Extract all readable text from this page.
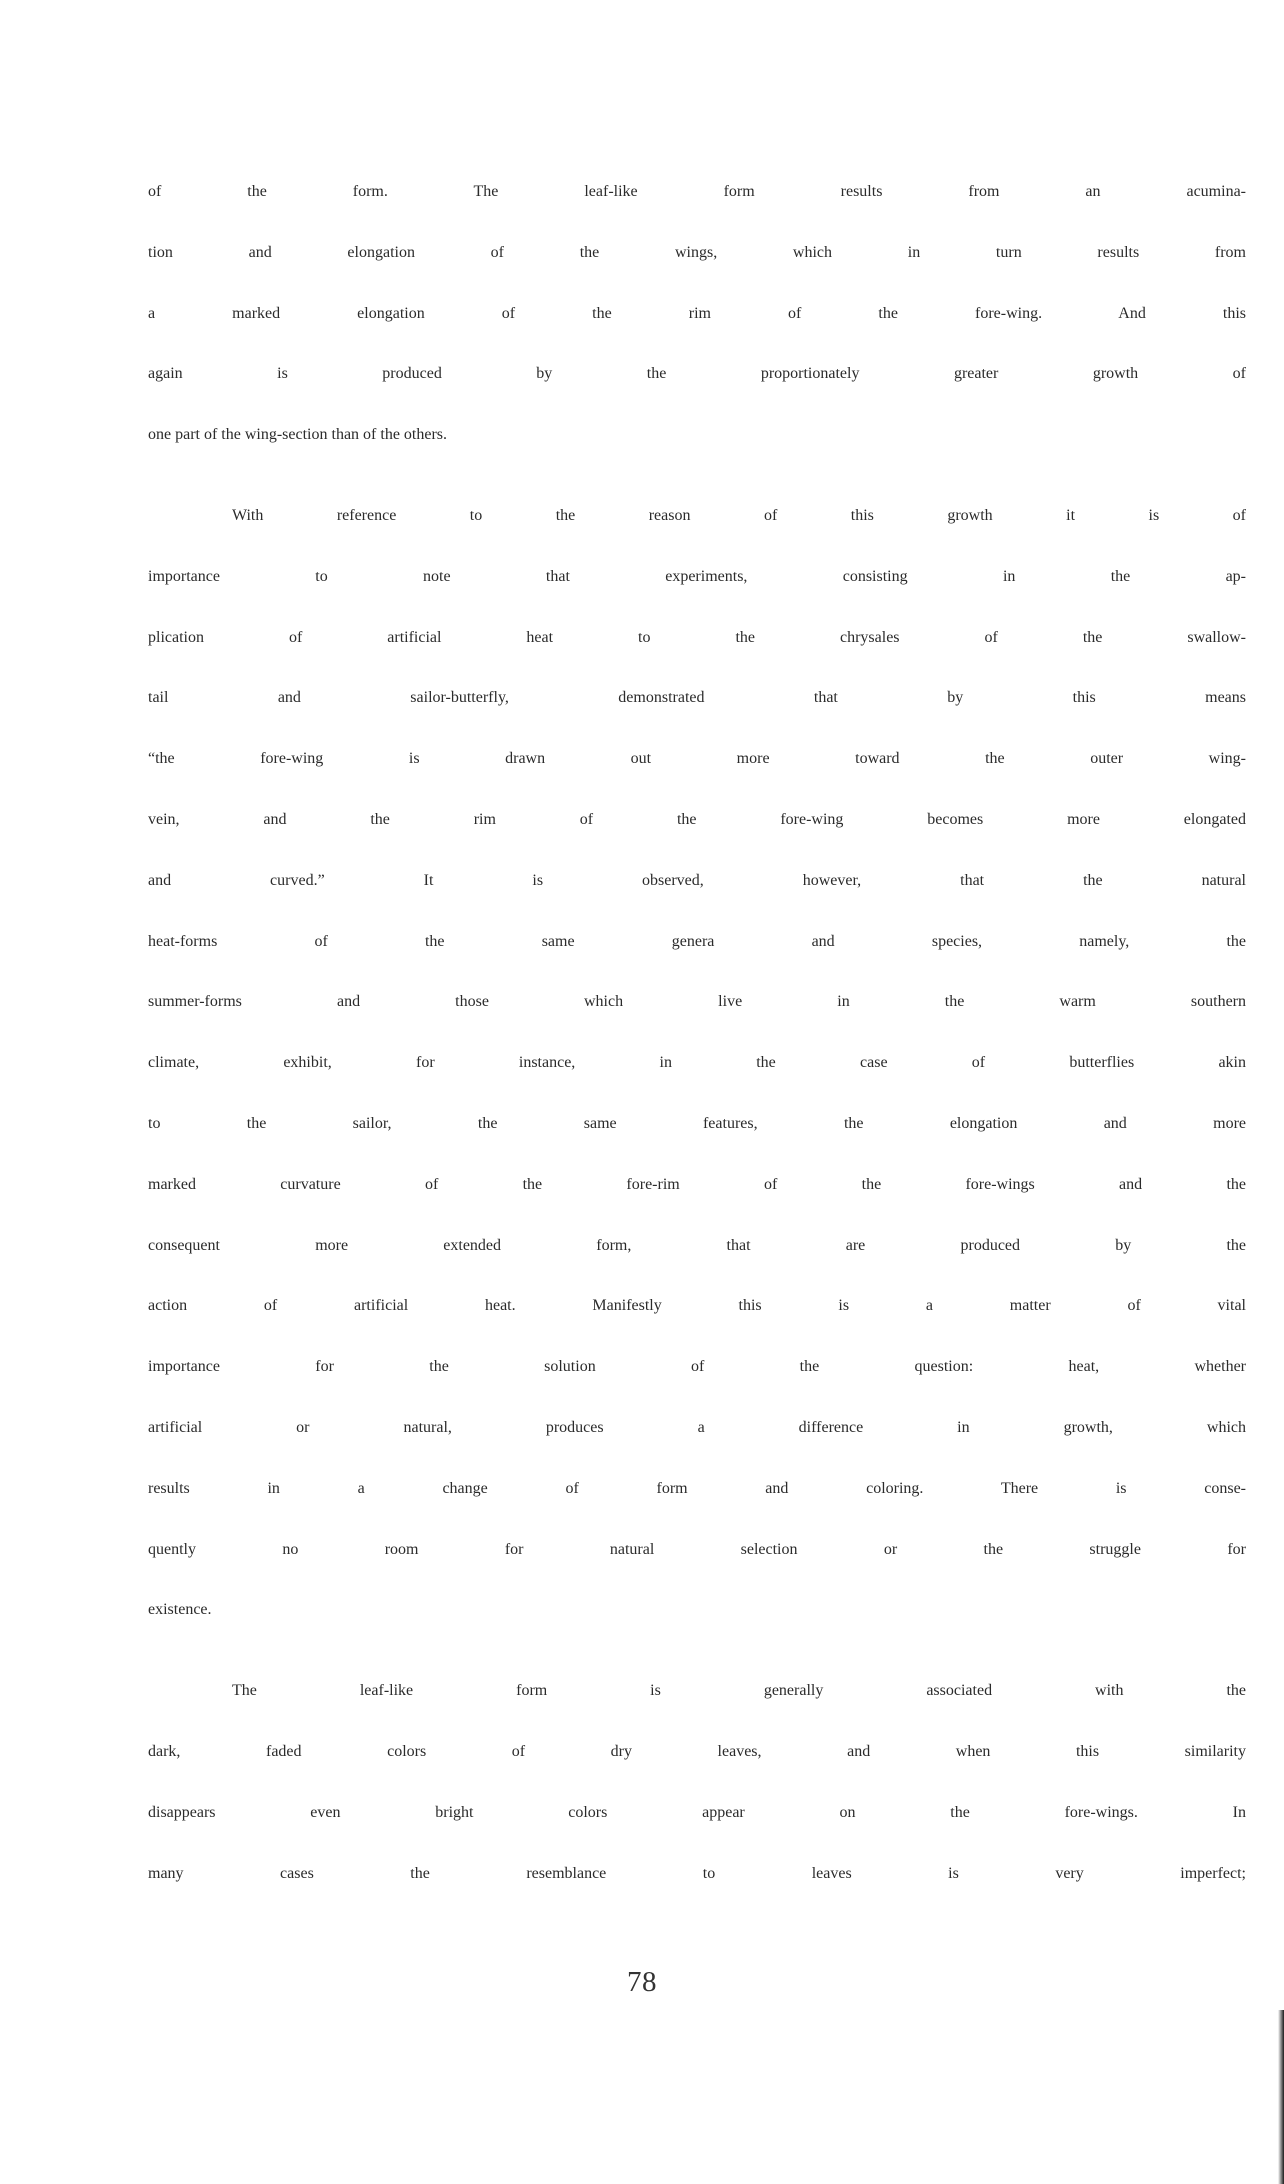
of the form. The leaf-like form results from an acumina-
tion and elongation of the wings, which in turn results from
a marked elongation of the rim of the fore-wing. And this
again is produced by the proportionately greater growth of
one part of the wing-section than of the others.
With reference to the reason of this growth it is of
importance to note that experiments, consisting in the ap-
plication of artificial heat to the chrysales of the swallow-
tail and sailor-butterfly, demonstrated that by this means
“the fore-wing is drawn out more toward the outer wing-
vein, and the rim of the fore-wing becomes more elongated
and curved.” It is observed, however, that the natural
heat-forms of the same genera and species, namely, the
summer-forms and those which live in the warm southern
climate, exhibit, for instance, in the case of butterflies akin
to the sailor, the same features, the elongation and more
marked curvature of the fore-rim of the fore-wings and the
consequent more extended form, that are produced by the
action of artificial heat. Manifestly this is a matter of vital
importance for the solution of the question: heat, whether
artificial or natural, produces a difference in growth, which
results in a change of form and coloring. There is conse-
quently no room for natural selection or the struggle for
existence.
The leaf-like form is generally associated with the
dark, faded colors of dry leaves, and when this similarity
disappears even bright colors appear on the fore-wings. In
many cases the resemblance to leaves is very imperfect;
78
